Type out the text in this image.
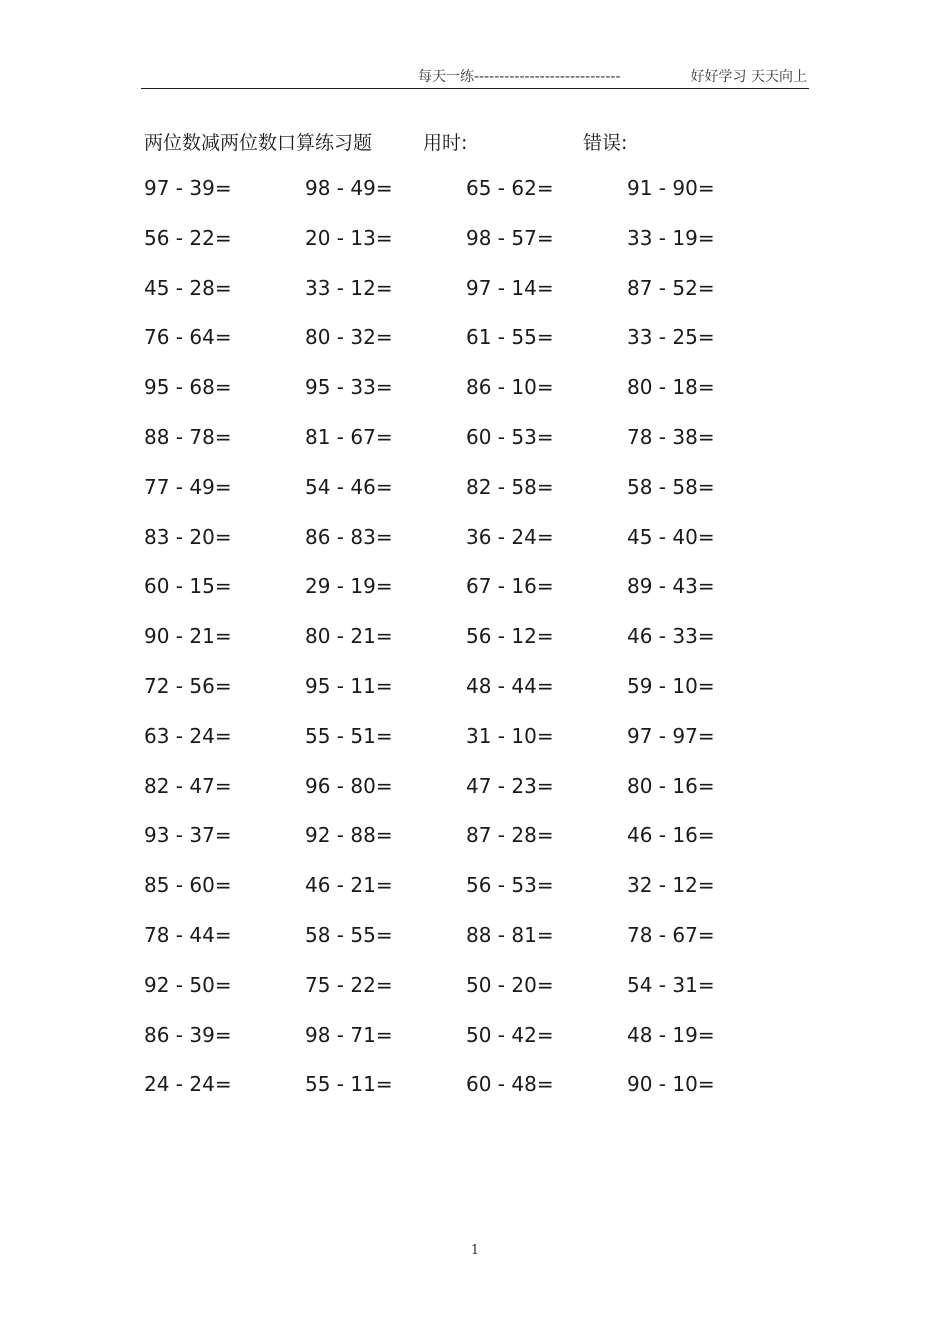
每天一练-----------------------------	好好学习 天天向上
两位数减两位数口算练习题	用时:	错误:
97 - 39=	98 - 49=	65 - 62=	91 - 90=
56 - 22=	20 - 13=	98 - 57=	33 - 19=
45 - 28=	33 - 12=	97 - 14=	87 - 52=
76 - 64=	80 - 32=	61 - 55=	33 - 25=
95 - 68=	95 - 33=	86 - 10=	80 - 18=
88 - 78=	81 - 67=	60 - 53=	78 - 38=
77 - 49=	54 - 46=	82 - 58=	58 - 58=
83 - 20=	86 - 83=	36 - 24=	45 - 40=
60 - 15=	29 - 19=	67 - 16=	89 - 43=
90 - 21=	80 - 21=	56 - 12=	46 - 33=
72 - 56=	95 - 11=	48 - 44=	59 - 10=
63 - 24=	55 - 51=	31 - 10=	97 - 97=
82 - 47=	96 - 80=	47 - 23=	80 - 16=
93 - 37=	92 - 88=	87 - 28=	46 - 16=
85 - 60=	46 - 21=	56 - 53=	32 - 12=
78 - 44=	58 - 55=	88 - 81=	78 - 67=
92 - 50=	75 - 22=	50 - 20=	54 - 31=
86 - 39=	98 - 71=	50 - 42=	48 - 19=
24 - 24=	55 - 11=	60 - 48=	90 - 10=
1
